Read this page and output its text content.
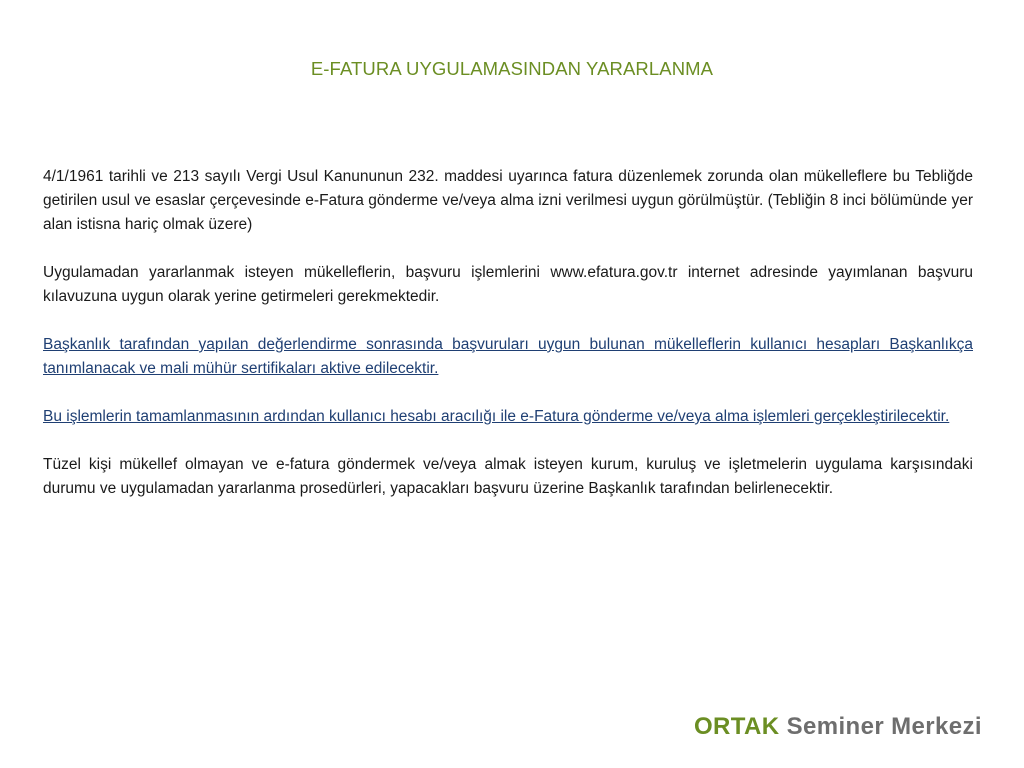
E-FATURA UYGULAMASINDAN YARARLANMA

4/1/1961 tarihli ve 213 sayılı Vergi Usul Kanununun 232. maddesi uyarınca fatura düzenlemek zorunda olan mükelleflere bu Tebliğde getirilen usul ve esaslar çerçevesinde e-Fatura gönderme ve/veya alma izni verilmesi uygun görülmüştür. (Tebliğin 8 inci bölümünde yer alan istisna hariç olmak üzere)

Uygulamadan yararlanmak isteyen mükelleflerin, başvuru işlemlerini www.efatura.gov.tr internet adresinde yayımlanan başvuru kılavuzuna uygun olarak yerine getirmeleri gerekmektedir.

Başkanlık tarafından yapılan değerlendirme sonrasında başvuruları uygun bulunan mükelleflerin kullanıcı hesapları Başkanlıkça tanımlanacak ve mali mühür sertifikaları aktive edilecektir.

Bu işlemlerin tamamlanmasının ardından kullanıcı hesabı aracılığı ile e-Fatura gönderme ve/veya alma işlemleri gerçekleştirilecektir.

Tüzel kişi mükellef olmayan ve e-fatura göndermek ve/veya almak isteyen kurum, kuruluş ve işletmelerin uygulama karşısındaki durumu ve uygulamadan yararlanma prosedürleri, yapacakları başvuru üzerine Başkanlık tarafından belirlenecektir.

ORTAK Seminer Merkezi
